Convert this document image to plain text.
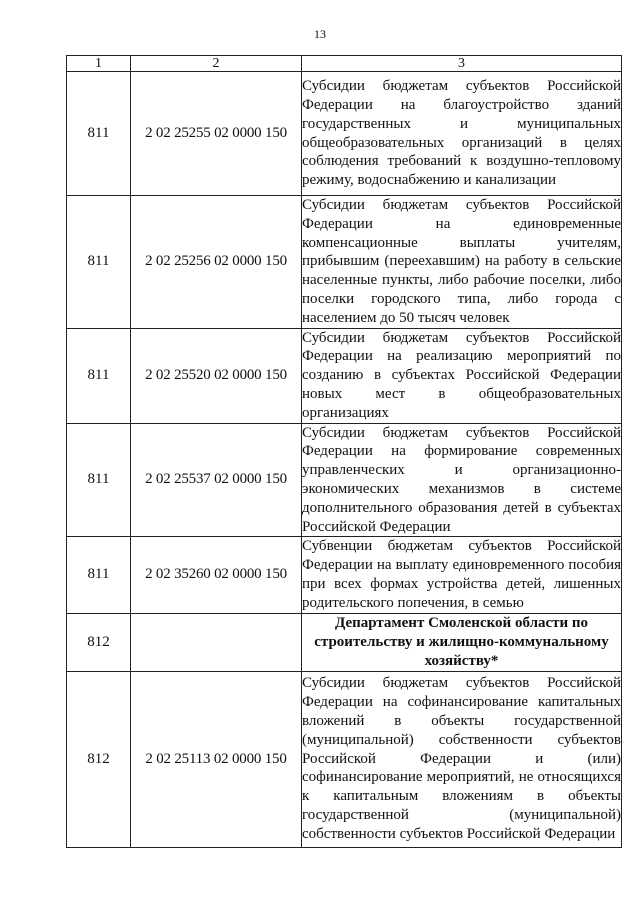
13
1	2	3
811	2 02 25255 02 0000 150	Субсидии бюджетам субъектов Российской Федерации на благоустройство зданий государственных и муниципальных общеобразовательных организаций в целях соблюдения требований к воздушно-тепловому режиму, водоснабжению и канализации
811	2 02 25256 02 0000 150	Субсидии бюджетам субъектов Российской Федерации на единовременные компенсационные выплаты учителям, прибывшим (переехавшим) на работу в сельские населенные пункты, либо рабочие поселки, либо поселки городского типа, либо города с населением до 50 тысяч человек
811	2 02 25520 02 0000 150	Субсидии бюджетам субъектов Российской Федерации на реализацию мероприятий по созданию в субъектах Российской Федерации новых мест в общеобразовательных организациях
811	2 02 25537 02 0000 150	Субсидии бюджетам субъектов Российской Федерации на формирование современных управленческих и организационно-экономических механизмов в системе дополнительного образования детей в субъектах Российской Федерации
811	2 02 35260 02 0000 150	Субвенции бюджетам субъектов Российской Федерации на выплату единовременного пособия при всех формах устройства детей, лишенных родительского попечения, в семью
812		Департамент Смоленской области по строительству и жилищно-коммунальному хозяйству*
812	2 02 25113 02 0000 150	Субсидии бюджетам субъектов Российской Федерации на софинансирование капитальных вложений в объекты государственной (муниципальной) собственности субъектов Российской Федерации и (или) софинансирование мероприятий, не относящихся к капитальным вложениям в объекты государственной (муниципальной) собственности субъектов Российской Федерации
